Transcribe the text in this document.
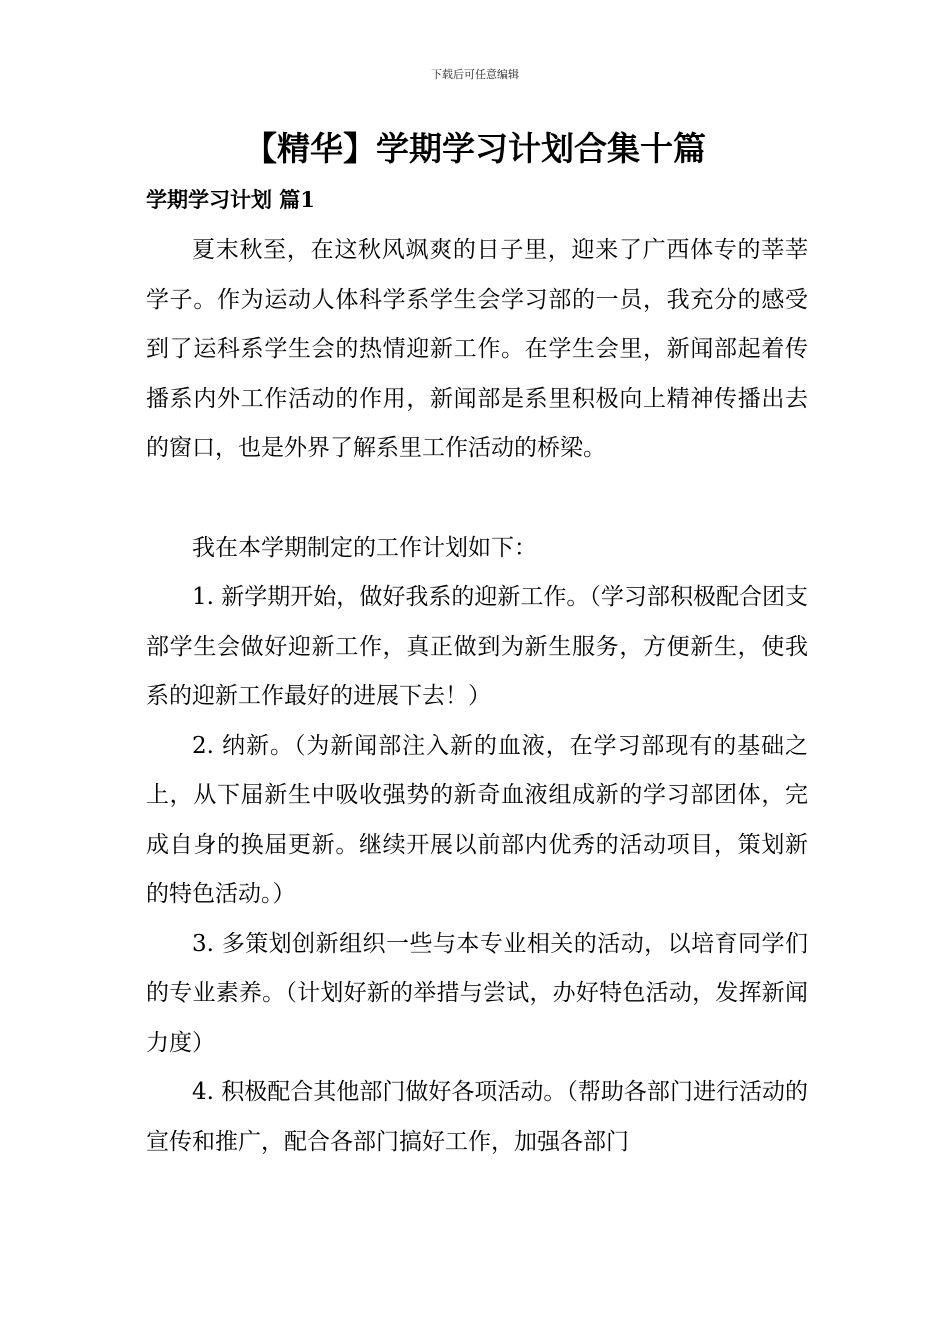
下载后可任意编辑
【精华】学期学习计划合集十篇
学期学习计划 篇1

夏末秋至，在这秋风飒爽的日子里，迎来了广西体专的莘莘学子。作为运动人体科学系学生会学习部的一员，我充分的感受到了运科系学生会的热情迎新工作。在学生会里，新闻部起着传播系内外工作活动的作用，新闻部是系里积极向上精神传播出去的窗口，也是外界了解系里工作活动的桥梁。

我在本学期制定的工作计划如下：

1. 新学期开始，做好我系的迎新工作。（学习部积极配合团支部学生会做好迎新工作，真正做到为新生服务，方便新生，使我系的迎新工作最好的进展下去！）

2. 纳新。（为新闻部注入新的血液，在学习部现有的基础之上，从下届新生中吸收强势的新奇血液组成新的学习部团体，完成自身的换届更新。继续开展以前部内优秀的活动项目，策划新的特色活动。）

3. 多策划创新组织一些与本专业相关的活动，以培育同学们的专业素养。（计划好新的举措与尝试，办好特色活动，发挥新闻力度）

4. 积极配合其他部门做好各项活动。（帮助各部门进行活动的宣传和推广，配合各部门搞好工作，加强各部门
